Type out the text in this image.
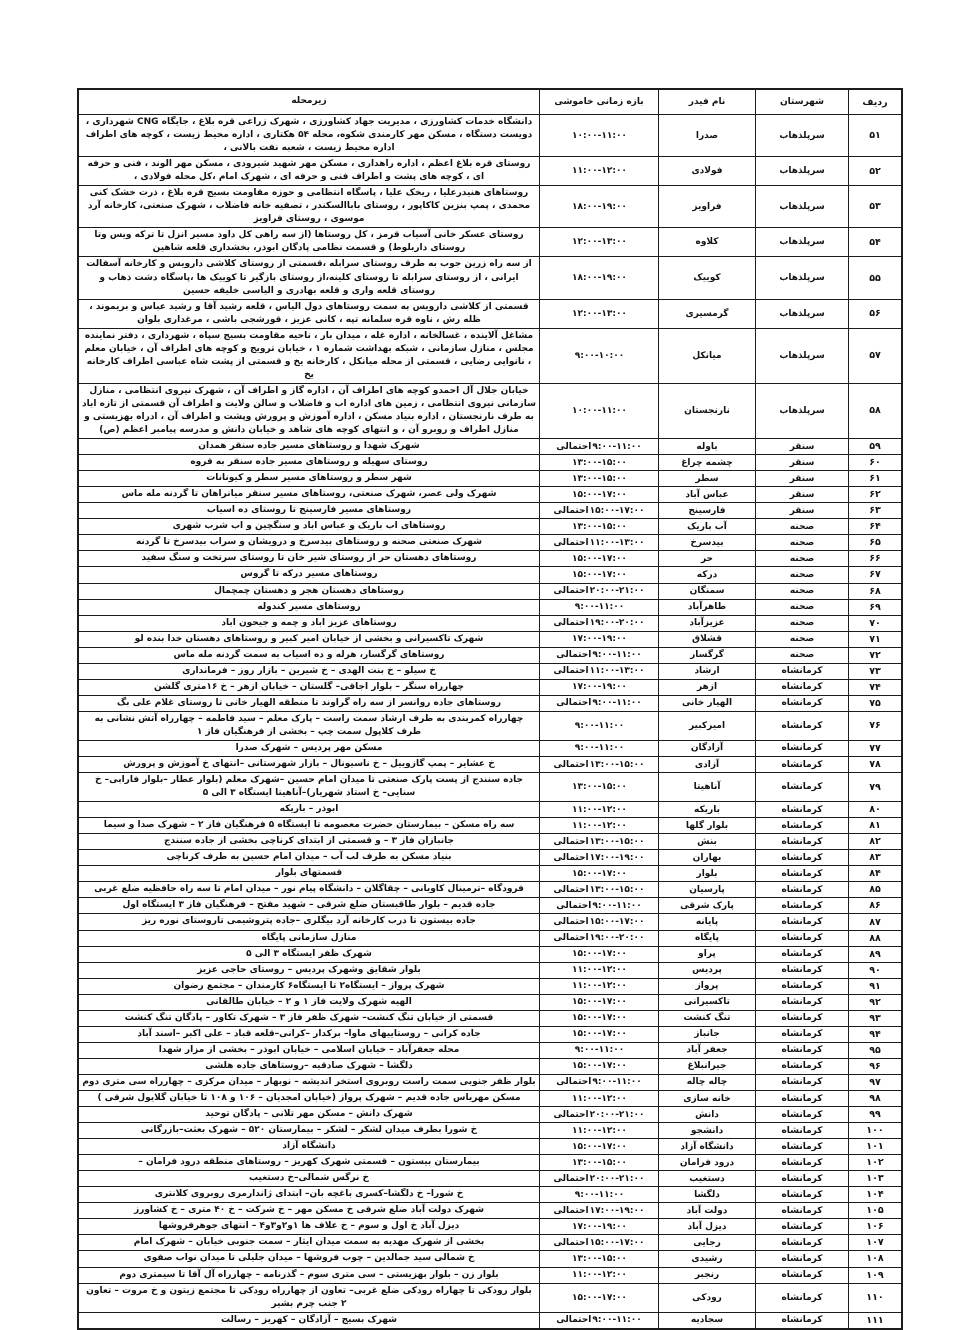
ردیف	شهرستان	نام فیدر	بازه زمانی خاموشی	زیرمحله
۵۱	سرپلذهاب	صدرا	۱۰:۰۰-۱۱:۰۰	دانشگاه خدمات کشاورزی ، مدیریت جهاد کشاورزی ، شهرک زراعی قره بلاغ ، جایگاه CNG شهرداری ، دویست دستگاه ، مسکن مهر کارمندی شکوه، محله ۵۴ هکتاری ، اداره محیط زیست ، کوچه های اطراف اداره محیط زیست ، شعبه نفت بالانی ،
۵۲	سرپلذهاب	فولادی	۱۱:۰۰-۱۲:۰۰	روستای قره بلاغ اعظم ، اداره راهداری ، مسکن مهر شهید شیرودی ، مسکن مهر الوند ، فنی و حرفه ای ، کوچه های پشت و اطراف فنی و حرفه ای ، شهرک امام ،کل محله فولادی ،
۵۳	سرپلذهاب	فراویز	۱۸:۰۰-۱۹:۰۰	روستاهای هنیدرعلیا ، ریخک علیا ، پاسگاه انتظامی و حوزه مقاومت بسیج قره بلاغ ، ذرت خشک کنی محمدی ، پمپ بنزین کاکاپور ، روستای باباالسکندر ، تصفیه خانه فاضلاب ، شهرک صنعتی، کارخانه آرد موسوی ، روستای فراویز
۵۴	سرپلذهاب	کلاوه	۱۲:۰۰-۱۳:۰۰	روستای عسکر خانی آسیاب قرمز ، کل روستاها (از سه راهی کل داود مسیر انزل تا ترکه ویس وتا روستای داربلوط) و قسمت نظامی پادگان ابوذر، بخشداری قلعه شاهین
۵۵	سرپلذهاب	کوییک	۱۸:۰۰-۱۹:۰۰	از سه راه زرین جوب به طرف روستای سرابله ،قسمتی از روستای کلاشی دارویس و کارخانه آسفالت ایرانی ، از روستای سرابله تا روستای کلینه،از روستای بازگیر تا کوییک ها ،پاسگاه دشت ذهاب و روستای قلعه واری و قلعه بهادری و الیاسی خلیفه حسین
۵۶	سرپلذهاب	گرمسیری	۱۲:۰۰-۱۳:۰۰	قسمتی از کلاشی دارویس به سمت روستاهای دول الیاس ، قلعه رشید آقا و رشید عباس و بریموند ، ظله رش ، ناوه قره سلمانه تپه ، کانی عزیز ، قورشجی باشی ، مرغداری بلوان
۵۷	سرپلذهاب	میانکل	۹:۰۰-۱۰:۰۰	مشاغل آلاینده ، غسالخانه ، اداره غله ، میدان بار ، ناحیه مقاومت بسیج سپاه ، شهرداری ، دفتر نماینده مجلس ، منازل سازمانی ، شبکه بهداشت شماره ۱ ، خیابان ترویج و کوچه های اطراف آن ، خیابان معلم ، نانوایی رضایی ، قسمتی از محله میانکل ، کارخانه یخ و قسمتی از پشت شاه عباسی اطراف کارخانه یخ
۵۸	سرپلذهاب	نارنجستان	۱۰:۰۰-۱۱:۰۰	خیابان جلال آل احمدو کوچه های اطراف آن ، اداره گاز و اطراف آن ، شهرک نیروی انتظامی ، منازل سازمانی نیروی انتظامی ، زمین های اداره اب و فاضلاب و سالن ولایت و اطراف آن قسمتی از تازه اباد به طرف نارنجستان ، اداره بنیاد مسکن ، اداره آموزش و پرورش وپشت و اطراف آن ، ادراه بهزیستی و منازل اطراف و روبرو آن ، و انتهای کوچه های شاهد و خیابان دانش و مدرسه پیامبر اعظم (ص)
۵۹	سنقر	باوله	۹:۰۰-۱۱:۰۰احتمالی	شهرک شهدا و روستاهای مسیر جاده سنقر همدان
۶۰	سنقر	چشمه چراغ	۱۳:۰۰-۱۵:۰۰	روستای سهیله و روستاهای مسیر جاده سنقر به قروه
۶۱	سنقر	سطر	۱۳:۰۰-۱۵:۰۰	شهر سطر و روستاهای مسیر سطر و کیونانات
۶۲	سنقر	عباس آباد	۱۵:۰۰-۱۷:۰۰	شهرک ولی عصر، شهرک صنعتی، روستاهای مسیر سنقر میانراهان تا گردنه مله ماس
۶۳	سنقر	فارسینج	۱۵:۰۰-۱۷:۰۰احتمالی	روستاهای مسیر فارسینج تا روستای ده اسیاب
۶۴	صحنه	آب باریک	۱۳:۰۰-۱۵:۰۰	روستاهای اب باریک و عباس اباد و سنگچین و اب شرب شهری
۶۵	صحنه	بیدسرخ	۱۱:۰۰-۱۳:۰۰احتمالی	شهرک صنعتی صحنه و روستاهای بیدسرخ و درویشان و سراب بیدسرخ تا گردنه
۶۶	صحنه	حر	۱۵:۰۰-۱۷:۰۰	روستاهای دهستان حر از روستای شیر خان تا روستای سرتخت و سنگ سفید
۶۷	صحنه	درکه	۱۵:۰۰-۱۷:۰۰	روستاهای مسیر درکه تا گروس
۶۸	صحنه	سمنگان	۲۰:۰۰-۲۱:۰۰احتمالی	روستاهای دهستان هجر و دهستان چمچمال
۶۹	صحنه	طاهرآباد	۹:۰۰-۱۱:۰۰	روستاهای مسیر کندوله
۷۰	صحنه	عزیزآباد	۱۹:۰۰-۲۰:۰۰احتمالی	روستاهای عزیز اباد و چمه و جیحون اباد
۷۱	صحنه	قشلاق	۱۷:۰۰-۱۹:۰۰	شهرک تاکسیرانی و بخشی از خیابان امیر کبیر و روستاهای دهستان خدا بنده لو
۷۲	صحنه	گرگسار	۹:۰۰-۱۱:۰۰احتمالی	روستاهای گرگسار، هرله و ده اسیاب به سمت گردنه مله ماس
۷۳	کرمانشاه	ارشاد	۱۱:۰۰-۱۳:۰۰احتمالی	خ سیلو – خ بنت الهدی – خ شیرین – بازار روز – فرمانداری
۷۴	کرمانشاه	ازهر	۱۷:۰۰-۱۹:۰۰	چهارراه سنگر – بلوار اجاقی– گلستان – خیابان ازهر – خ ۱۶متری گلشن
۷۵	کرمانشاه	الهیار خانی	۹:۰۰-۱۱:۰۰احتمالی	روستاهای جاده روانسر از سه راه گراوند تا منطقه الهیار خانی تا روستای غلام علی بگ
۷۶	کرمانشاه	امیرکبیر	۹:۰۰-۱۱:۰۰	چهارراه کمربندی به طرف ارشاد سمت راست – پارک معلم – سید فاطمه – چهارراه آتش نشانی به طرف کلاپول سمت چپ – بخشی از فرهنگیان فاز ۱
۷۷	کرمانشاه	آزادگان	۹:۰۰-۱۱:۰۰	مسکن مهر پردیس – شهرک صدرا
۷۸	کرمانشاه	آزادی	۱۳:۰۰-۱۵:۰۰احتمالی	خ عشایر – پمپ گازوییل – خ ناسیونال – بازار شهرستانی –انتهای خ آموزش و پرورش
۷۹	کرمانشاه	آناهیتا	۱۳:۰۰-۱۵:۰۰	جاده سنندج از پست پارک صنعتی تا میدان امام حسین –شهرک معلم (بلوار عطار –بلوار فارابی– خ سنایی– خ استاد شهریار)–آناهیتا ایستگاه ۳ الی ۵
۸۰	کرمانشاه	باریکه	۱۱:۰۰-۱۲:۰۰	ابوذر – باریکه
۸۱	کرمانشاه	بلوار گلها	۱۱:۰۰-۱۲:۰۰	سه راه مسکن – بیمارستان حضرت معصومه تا ایستگاه ۵ فرهنگیان فاز ۲ – شهرک صدا و سیما
۸۲	کرمانشاه	بنش	۱۳:۰۰-۱۵:۰۰احتمالی	جانبازان فاز ۳ – و قسمتی از ابتدای کرناچی بخشی از جاده سنندج
۸۳	کرمانشاه	بهاران	۱۷:۰۰-۱۹:۰۰احتمالی	بنیاد مسکن به طرف لب آب – میدان امام حسین به طرف کرناچی
۸۴	کرمانشاه	بلوار	۱۵:۰۰-۱۷:۰۰	قسمتهای بلوار
۸۵	کرمانشاه	پارسیان	۱۳:۰۰-۱۵:۰۰احتمالی	فرودگاه –ترمینال کاویانی – چقاگلان – دانشگاه پیام نور – میدان امام تا سه راه حافظیه ضلع غربی
۸۶	کرمانشاه	پارک شرقی	۹:۰۰-۱۱:۰۰احتمالی	جاده قدیم – بلوار طاقبستان ضلع شرقی – شهید مفتح – فرهنگیان فاز ۳ ایستگاه اول
۸۷	کرمانشاه	پایانه	۱۵:۰۰-۱۷:۰۰احتمالی	جاده بیستون تا درب کارخانه آرد بیگلری –جاده پتروشیمی تاروستای نوره ریز
۸۸	کرمانشاه	پایگاه	۱۹:۰۰-۲۰:۰۰احتمالی	منازل سازمانی پایگاه
۸۹	کرمانشاه	پراو	۱۵:۰۰-۱۷:۰۰	شهرک ظفر ایستگاه ۳ الی ۵
۹۰	کرمانشاه	پردیس	۱۱:۰۰-۱۲:۰۰	بلوار شقایق وشهرک پردیس – روستای حاجی عزیز
۹۱	کرمانشاه	پرواز	۱۱:۰۰-۱۲:۰۰	شهرک پرواز – ایستگاه۲ تا ایستگاه۶ کارمندان – مجتمع رضوان
۹۲	کرمانشاه	تاکسیرانی	۱۵:۰۰-۱۷:۰۰	الهیه شهرک ولایت فاز ۱ و ۲ – خیابان طالقانی
۹۳	کرمانشاه	تنگ کنشت	۱۵:۰۰-۱۷:۰۰	قسمتی از خیابان تنگ کنشت– شهرک ظفر فاز ۳ – شهرک تکاور – پادگان تنگ کنشت
۹۴	کرمانشاه	جانباز	۱۵:۰۰-۱۷:۰۰	جاده کرانی – روستاییهای ماوا– برکدار –کرانی–قلعه قباد – علی اکبر –اسند آباد
۹۵	کرمانشاه	جعفر آباد	۹:۰۰-۱۱:۰۰	محله جعفرآباد – خیابان اسلامی – خیابان ابوذر – بخشی از مزار شهدا
۹۶	کرمانشاه	جیرانبلاغ	۱۵:۰۰-۱۷:۰۰	دلگشا – شهرک صادقیه –روستاهای جاده هلشی
۹۷	کرمانشاه	چاله چاله	۹:۰۰-۱۱:۰۰احتمالی	بلوار ظفر جنوبی سمت راست روبروی استخر اندیشه – نوبهار – میدان مرکزی – چهارراه سی متری دوم
۹۸	کرمانشاه	خانه سازی	۱۱:۰۰-۱۲:۰۰	مسکن مهریاس جاده قدیم – شهرک پرواز (خیابان امجدیان – ۱۰۶ و ۱۰۸ تا خیابان گلایول شرقی )
۹۹	کرمانشاه	دانش	۲۰:۰۰-۲۱:۰۰احتمالی	شهرک دانش – مسکن مهر تلانی – پادگان توحید
۱۰۰	کرمانشاه	دانشجو	۱۱:۰۰-۱۲:۰۰	خ شورا بطرف میدان لشکر – لشکر – بیمارستان ۵۲۰ – شهرک بعثت–بازرگانی
۱۰۱	کرمانشاه	دانشگاه آزاد	۱۵:۰۰-۱۷:۰۰	دانشگاه آزاد
۱۰۲	کرمانشاه	درود فرامان	۱۳:۰۰-۱۵:۰۰	بیمارستان بیستون – قسمتی شهرک کهریز – روستاهای منطقه درود فرامان –
۱۰۳	کرمانشاه	دستغیب	۲۰:۰۰-۲۱:۰۰احتمالی	خ نرگس شمالی–خ دستغیب
۱۰۴	کرمانشاه	دلگشا	۹:۰۰-۱۱:۰۰	خ شورا– خ دلگشا–کسری باغچه بان– ابتدای ژاندارمری روبروی کلانتری
۱۰۵	کرمانشاه	دولت آباد	۱۷:۰۰-۱۹:۰۰احتمالی	شهرک دولت آباد ضلع شرقی خ مسکن مهر – خ شرکت – خ ۴۰ متری – خ کشاورز
۱۰۶	کرمانشاه	دیزل آباد	۱۷:۰۰-۱۹:۰۰	دیزل آباد خ اول و سوم – خ علاف ها ۱و۲و۳و۴ – انتهای جوهرفروشها
۱۰۷	کرمانشاه	رجایی	۱۵:۰۰-۱۷:۰۰احتمالی	بخشی از شهرک مهدیه به سمت میدان ایثار – سمت جنوبی خیابان – شهرک امام
۱۰۸	کرمانشاه	رشیدی	۱۳:۰۰-۱۵:۰۰	خ شمالی سید جمالدین – چوب فروشها – میدان جلیلی تا میدان نواب صفوی
۱۰۹	کرمانشاه	رنجبر	۱۱:۰۰-۱۲:۰۰	بلوار زن – بلوار بهزیستی – سی متری سوم – گذرنامه – چهارراه آل آقا تا سیمتری دوم
۱۱۰	کرمانشاه	رودکی	۱۵:۰۰-۱۷:۰۰	بلوار رودکی تا چهاراه رودکی ضلع غربی– تعاون از چهارراه رودکی تا مجتمع زیتون و خ مروت – تعاون ۲ جنب چرم بشیر
۱۱۱	کرمانشاه	سجادیه	۹:۰۰-۱۱:۰۰احتمالی	شهرک بسیج – آزادگان – کهریز – رسالت
